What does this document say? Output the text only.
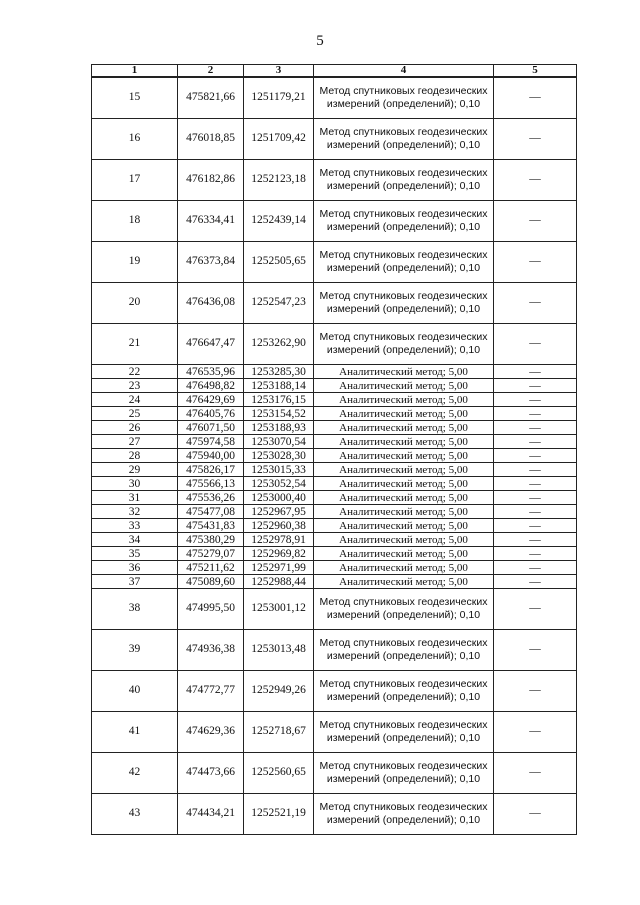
5
1	2	3	4	5
15	475821,66	1251179,21	Метод спутниковых геодезических измерений (определений); 0,10	—
16	476018,85	1251709,42	Метод спутниковых геодезических измерений (определений); 0,10	—
17	476182,86	1252123,18	Метод спутниковых геодезических измерений (определений); 0,10	—
18	476334,41	1252439,14	Метод спутниковых геодезических измерений (определений); 0,10	—
19	476373,84	1252505,65	Метод спутниковых геодезических измерений (определений); 0,10	—
20	476436,08	1252547,23	Метод спутниковых геодезических измерений (определений); 0,10	—
21	476647,47	1253262,90	Метод спутниковых геодезических измерений (определений); 0,10	—
22	476535,96	1253285,30	Аналитический метод; 5,00	—
23	476498,82	1253188,14	Аналитический метод; 5,00	—
24	476429,69	1253176,15	Аналитический метод; 5,00	—
25	476405,76	1253154,52	Аналитический метод; 5,00	—
26	476071,50	1253188,93	Аналитический метод; 5,00	—
27	475974,58	1253070,54	Аналитический метод; 5,00	—
28	475940,00	1253028,30	Аналитический метод; 5,00	—
29	475826,17	1253015,33	Аналитический метод; 5,00	—
30	475566,13	1253052,54	Аналитический метод; 5,00	—
31	475536,26	1253000,40	Аналитический метод; 5,00	—
32	475477,08	1252967,95	Аналитический метод; 5,00	—
33	475431,83	1252960,38	Аналитический метод; 5,00	—
34	475380,29	1252978,91	Аналитический метод; 5,00	—
35	475279,07	1252969,82	Аналитический метод; 5,00	—
36	475211,62	1252971,99	Аналитический метод; 5,00	—
37	475089,60	1252988,44	Аналитический метод; 5,00	—
38	474995,50	1253001,12	Метод спутниковых геодезических измерений (определений); 0,10	—
39	474936,38	1253013,48	Метод спутниковых геодезических измерений (определений); 0,10	—
40	474772,77	1252949,26	Метод спутниковых геодезических измерений (определений); 0,10	—
41	474629,36	1252718,67	Метод спутниковых геодезических измерений (определений); 0,10	—
42	474473,66	1252560,65	Метод спутниковых геодезических измерений (определений); 0,10	—
43	474434,21	1252521,19	Метод спутниковых геодезических измерений (определений); 0,10	—
